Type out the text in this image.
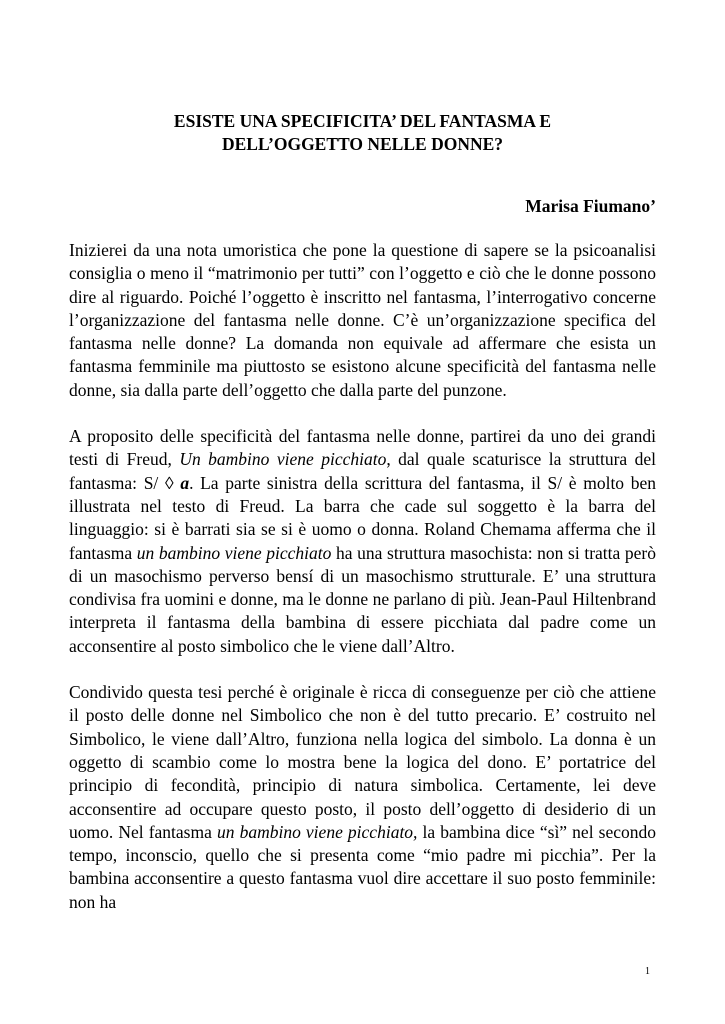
ESISTE UNA SPECIFICITA’ DEL FANTASMA E
DELL’OGGETTO NELLE DONNE?
Marisa Fiumano’

Inizierei da una nota umoristica che pone la questione di sapere se la psicoanalisi consiglia o meno il “matrimonio per tutti” con l’oggetto e ciò che le donne possono dire al riguardo. Poiché l’oggetto è inscritto nel fantasma, l’interrogativo concerne l’organizzazione del fantasma nelle donne. C’è un’organizzazione specifica del fantasma nelle donne? La domanda non equivale ad affermare che esista un fantasma femminile ma piuttosto se esistono alcune specificità del fantasma nelle donne, sia dalla parte dell’oggetto che dalla parte del punzone.

A proposito delle specificità del fantasma nelle donne, partirei da uno dei grandi testi di Freud, Un bambino viene picchiato, dal quale scaturisce la struttura del fantasma: S/ ◊ a. La parte sinistra della scrittura del fantasma, il S/ è molto ben illustrata nel testo di Freud. La barra che cade sul soggetto è la barra del linguaggio: si è barrati sia se si è uomo o donna. Roland Chemama afferma che il fantasma un bambino viene picchiato ha una struttura masochista: non si tratta però di un masochismo perverso bensí di un masochismo strutturale. E’ una struttura condivisa fra uomini e donne, ma le donne ne parlano di più. Jean-Paul Hiltenbrand interpreta il fantasma della bambina di essere picchiata dal padre come un acconsentire al posto simbolico che le viene dall’Altro.

Condivido questa tesi perché è originale è ricca di conseguenze per ciò che attiene il posto delle donne nel Simbolico che non è del tutto precario. E’ costruito nel Simbolico, le viene dall’Altro, funziona nella logica del simbolo. La donna è un oggetto di scambio come lo mostra bene la logica del dono. E’ portatrice del principio di fecondità, principio di natura simbolica. Certamente, lei deve acconsentire ad occupare questo posto, il posto dell’oggetto di desiderio di un uomo. Nel fantasma un bambino viene picchiato, la bambina dice “sì” nel secondo tempo, inconscio, quello che si presenta come “mio padre mi picchia”. Per la bambina acconsentire a questo fantasma vuol dire accettare il suo posto femminile: non ha

1
